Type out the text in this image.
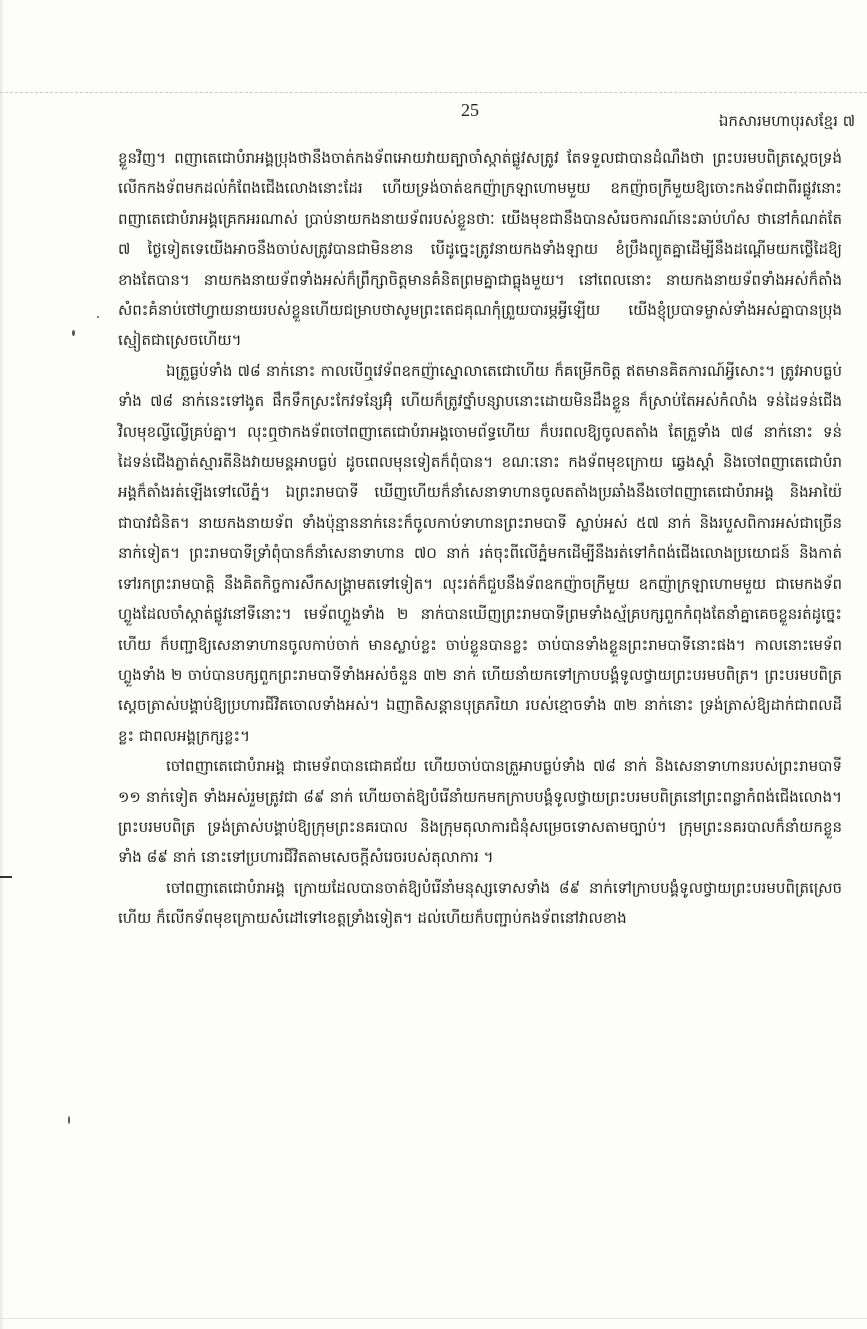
25
ឯកសារមហាបុរសខ្មែរ ៧

ខ្លួនវិញ។ ពញាតេជោបំរាអង្គប្រុងថានឹងចាត់កងទ័ពអោយវាយត្បាចាំស្កាត់ផ្លូវសត្រូវ តែទទួលជាបានដំណឹងថា ព្រះបរមបពិត្រស្តេចទ្រង់លើកកងទ័ពមកដល់កំពែងជើងលោងនោះដែរ ហើយទ្រង់ចាត់ឧកញ៉ាក្រឡាហោមមួយ ឧកញ៉ាចក្រីមួយឱ្យចោះកងទ័ពជាពីរផ្លូវនោះ ពញាតេជោបំរាអង្គគ្រេកអរណាស់ ប្រាប់នាយកងនាយទ័ពរបស់ខ្លួនថាៈ យើងមុខជានឹងបានសំរេចការណ៍នេះឆាប់ហ័ស ថានៅកំណត់តែ ៧ ថ្ងៃទៀតទេយើងអាចនឹងចាប់សត្រូវបានជាមិនខាន បើដូច្នេះត្រូវនាយកងទាំងឡាយ ខំប្រឹងព្យួតគ្នាដើម្បីនឹងដណ្តើមយកថ្លើដៃឱ្យខាងតែបាន។ នាយកងនាយទ័ពទាំងអស់ក៏ព្រឹក្សាចិត្តមានគំនិតព្រមគ្នាជាធ្លុងមួយ។ នៅពេលនោះ នាយកងនាយទ័ពទាំងអស់ក៏តាំងសំពះគំនាប់ថៅហ្វាយនាយរបស់ខ្លួនហើយជម្រាបថាសូមព្រះតេជគុណកុំព្រួយបារម្ភអ្វីឡើយ យើងខ្ញុំប្របាទម្ចាស់ទាំងអស់គ្នាបានប្រុងស្មៀតជាស្រេចហើយ។

ឯត្រួធ្ងប់ទាំង ៧៨ នាក់នោះ កាលបើឮវេទ័ពឧកញ៉ាស្នោលាតេជោហើយ ក៏គម្រើកចិត្ត ឥតមានគិតការណ៍អ្វីសោះ។ ត្រូវអាបធ្ងប់ទាំង ៧៨ នាក់នេះទៅងូត ផឹកទឹកស្រះកែវទន្សែអ៊ុំ ហើយក៏ត្រូវថ្នាំបន្សាបនោះដោយមិនដឹងខ្លួន ក៏ស្រាប់តែអស់កំលាំង ទន់ដៃទន់ជើងវិលមុខល្វីល្វើគ្រប់គ្នា។ លុះឮថាកងទ័ពចៅពញាតេជោបំរាអង្គចោមព័ទ្ធហើយ ក៏បរពលឱ្យចូលតតាំង តែត្រួទាំង ៧៨ នាក់នោះ ទន់ដៃទន់ជើងភ្លាត់ស្មារតីនិងវាយមន្តអាបធ្ងប់ ដូចពេលមុនទៀតក៏ពុំបាន។ ខណៈនោះ កងទ័ពមុខក្រោយ ឆ្វេងស្តាំ និងចៅពញាតេជោបំរាអង្គក៏តាំងរត់ឡើងទៅលើភ្នំ។ ឯព្រះរាមបាទី ឃើញហើយក៏នាំសេនាទាហានចូលតតាំងប្រឆាំងនឹងចៅពញាតេជោបំរាអង្គ និងអាយ៉ៃជាបាវជំនិត។ នាយកងនាយទ័ព ទាំងប៉ុន្មាននាក់នេះក៏ចូលកាប់ទាហានព្រះរាមបាទី ស្លាប់អស់ ៥៧ នាក់ និងរបួសពិការអស់ជាច្រើននាក់ទៀត។ ព្រះរាមបាទីទ្រាំពុំបានក៏នាំសេនាទាហាន ៧០ នាក់ រត់ចុះពីលើភ្នំមកដើម្បីនឹងរត់ទៅកំពង់ជើងលោងប្រយោជន៍ និងកាត់ទៅរកព្រះរាមបាត្តិ នឹងគិតកិច្ចការសឹកសង្គ្រាមតទៅទៀត។ លុះរត់ក៏ជួបនឹងទ័ពឧកញ៉ាចក្រីមួយ ឧកញ៉ាក្រឡាហោមមួយ ជាមេកងទ័ពហ្លួងដែលចាំស្កាត់ផ្លូវនៅទីនោះ។ មេទ័ពហ្លួងទាំង ២ នាក់បានឃើញព្រះរាមបាទីព្រមទាំងស្ម័គ្របក្សពួកកំពុងតែនាំគ្នាគេចខ្លួនរត់ដូច្នេះហើយ ក៏បញ្ជាឱ្យសេនាទាហានចូលកាប់ចាក់ មានស្លាប់ខ្លះ ចាប់ខ្លួនបានខ្លះ ចាប់បានទាំងខ្លួនព្រះរាមបាទីនោះផង។ កាលនោះមេទ័ពហ្លួងទាំង ២ ចាប់បានបក្សពួកព្រះរាមបាទីទាំងអស់ចំនួន ៣២ នាក់ ហើយនាំយកទៅក្រាបបង្គំទូលថ្វាយព្រះបរមបពិត្រ។ ព្រះបរមបពិត្រស្តេចត្រាស់បង្គាប់ឱ្យប្រហារជីវិតចោលទាំងអស់។ ឯញាតិសន្តានបុត្រភរិយា របស់ខ្មោចទាំង ៣២ នាក់នោះ ទ្រង់ត្រាស់ឱ្យដាក់ជាពលដីខ្លះ ជាពលអង្គក្រក្សខ្លះ។

ចៅពញាតេជោបំរាអង្គ ជាមេទ័ពបានជោគជ័យ ហើយចាប់បានត្រួអាបធ្ងប់ទាំង ៧៨ នាក់ និងសេនាទាហានរបស់ព្រះរាមបាទី ១១ នាក់ទៀត ទាំងអស់រួមត្រូវជា ៨៩ នាក់ ហើយចាត់ឱ្យបំរើនាំយកមកក្រាបបង្គំទូលថ្វាយព្រះបរមបពិត្រនៅព្រះពន្លាកំពង់ជើងលោង។ ព្រះបរមបពិត្រ ទ្រង់ត្រាស់បង្គាប់ឱ្យក្រុមព្រះនគរបាល និងក្រុមតុលាការជំនុំសម្រេចទោសតាមច្បាប់។ ក្រុមព្រះនគរបាលក៏នាំយកខ្លួនទាំង ៨៩ នាក់ នោះទៅប្រហារជីវិតតាមសេចក្តីសំរេចរបស់តុលាការ ។

ចៅពញាតេជោបំរាអង្គ ក្រោយដែលបានចាត់ឱ្យបំរើនាំមនុស្សទោសទាំង ៨៩ នាក់ទៅក្រាបបង្គំទូលថ្វាយព្រះបរមបពិត្រស្រេចហើយ ក៏លើកទ័ពមុខក្រោយសំដៅទៅខេត្តទ្រាំងទៀត។ ដល់ហើយក៏បញ្ជាប់កងទ័ពនៅវាលខាង
